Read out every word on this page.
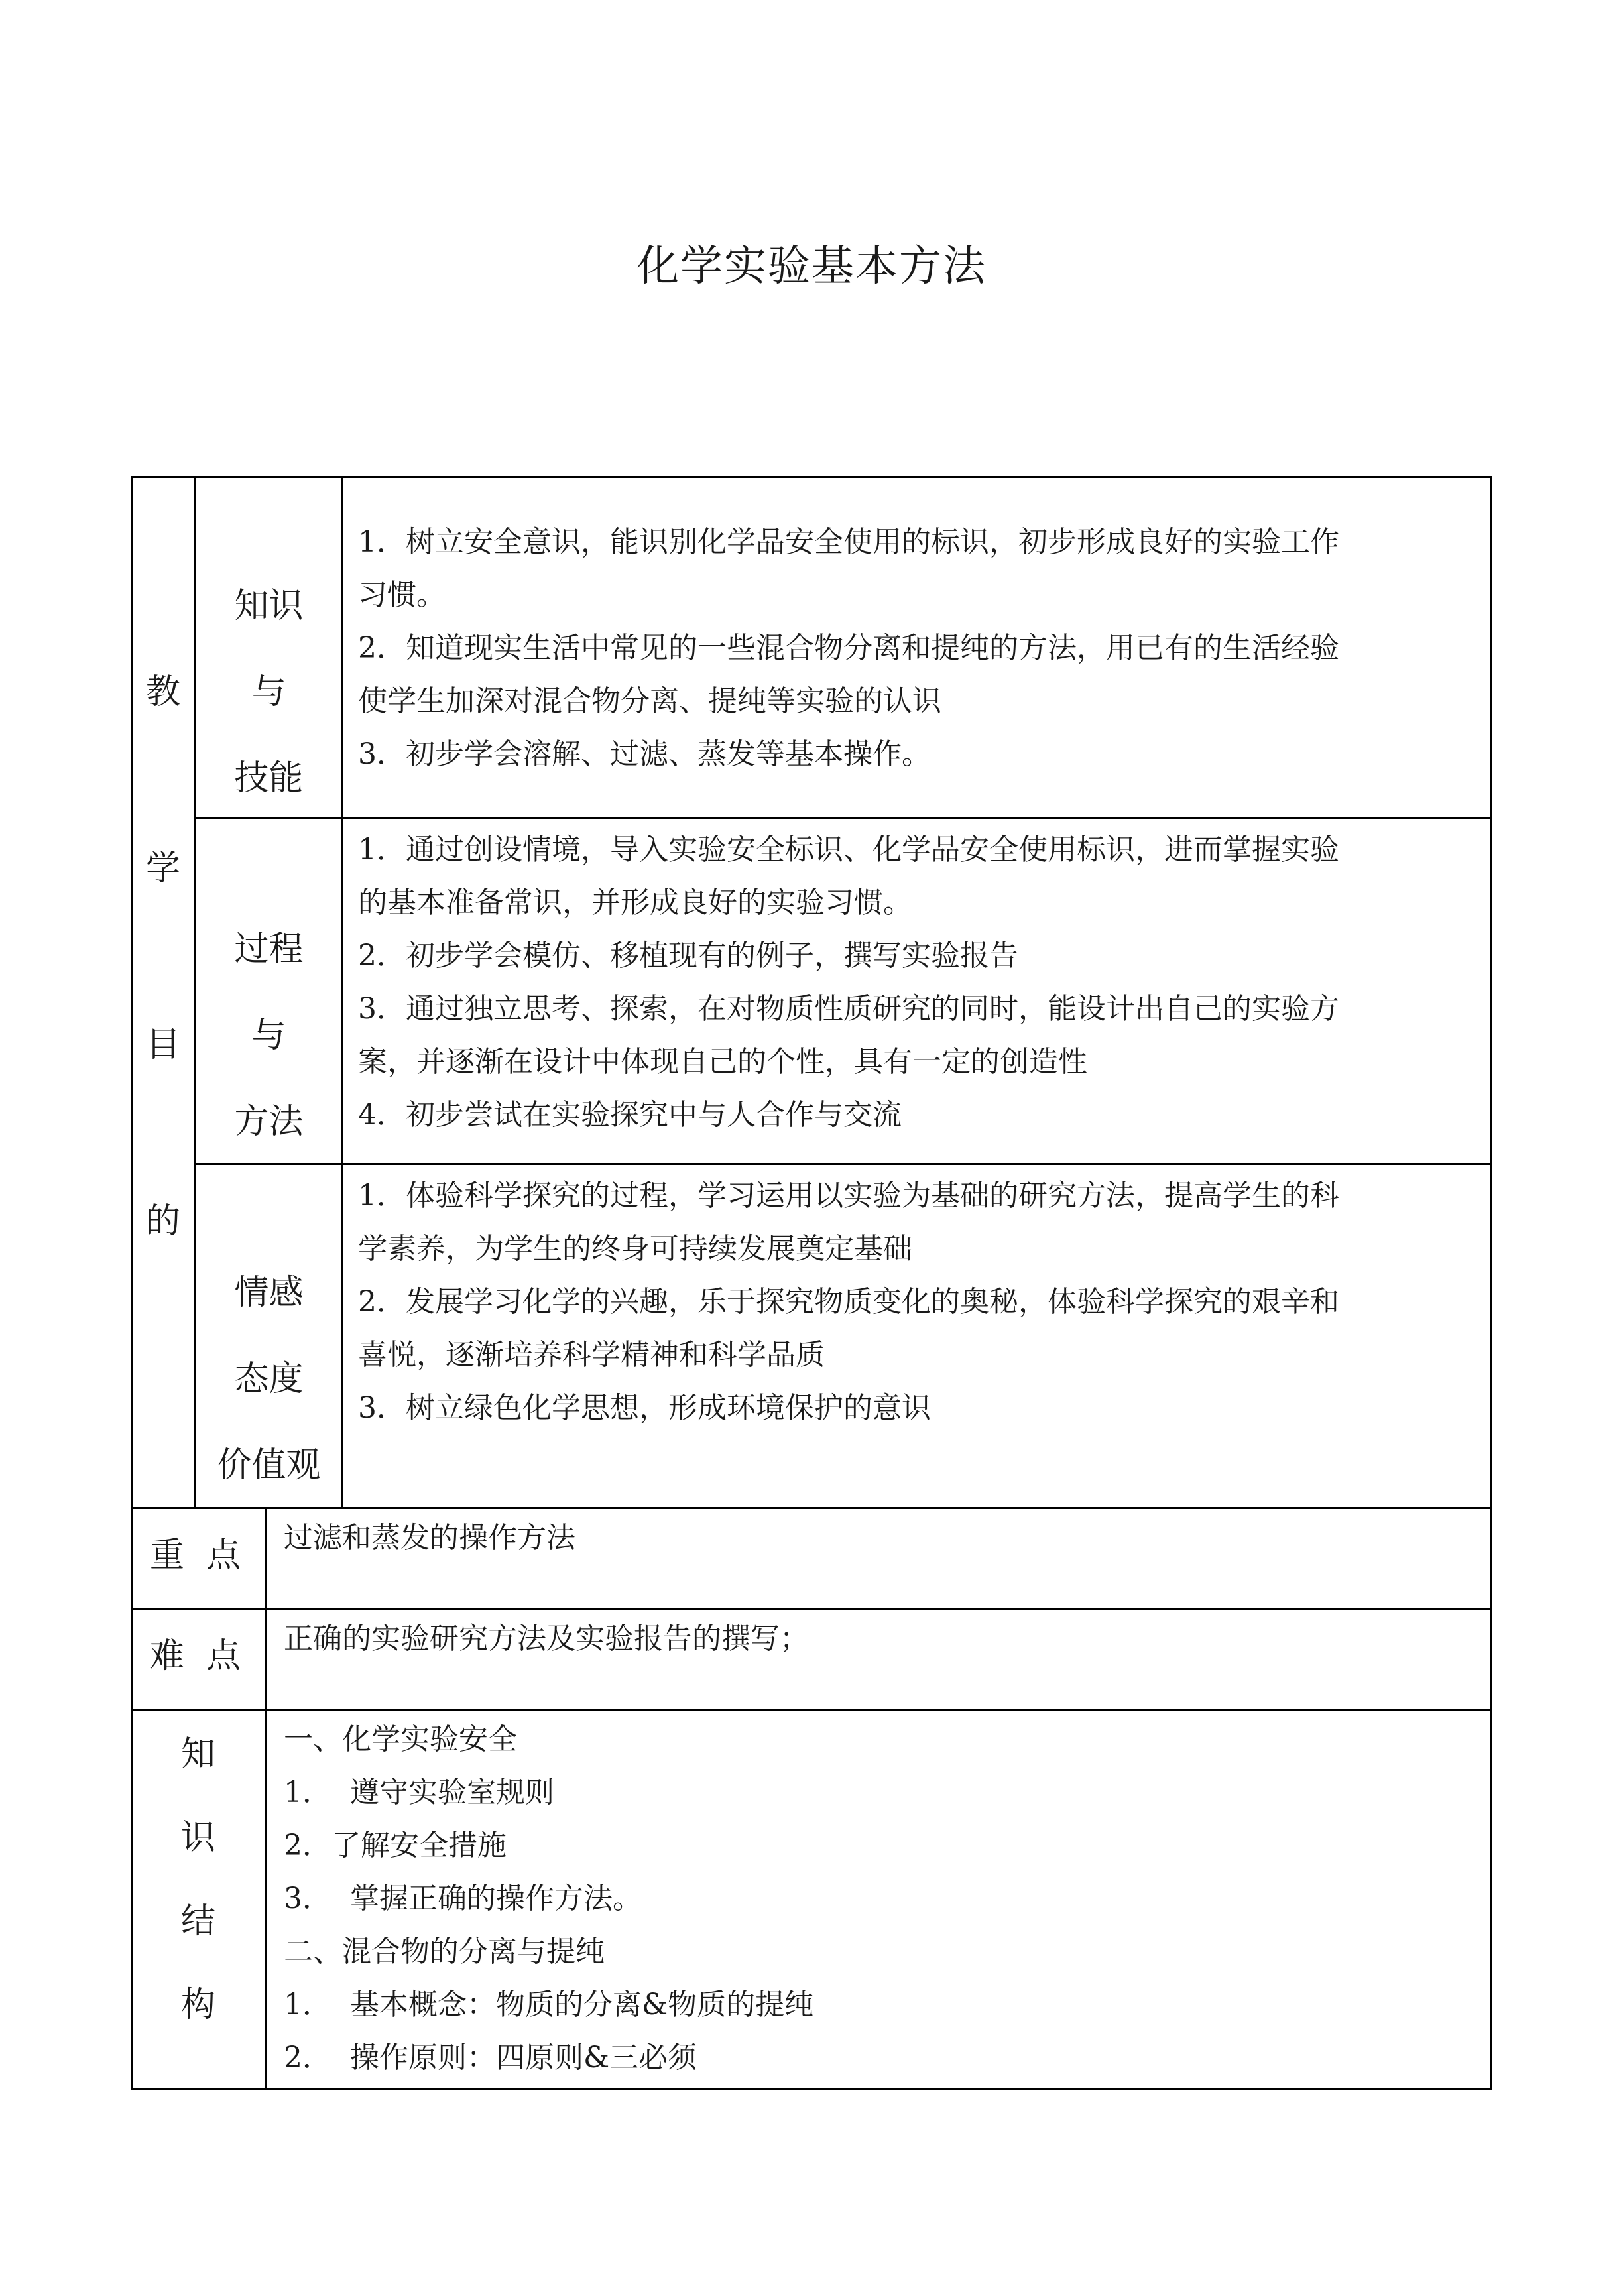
化学实验基本方法
教
学
目
的
知识
与
技能
1．树立安全意识，能识别化学品安全使用的标识，初步形成良好的实验工作
习惯。
2．知道现实生活中常见的一些混合物分离和提纯的方法，用已有的生活经验
使学生加深对混合物分离、提纯等实验的认识
3．初步学会溶解、过滤、蒸发等基本操作。
过程
与
方法
1．通过创设情境，导入实验安全标识、化学品安全使用标识，进而掌握实验
的基本准备常识，并形成良好的实验习惯。
2．初步学会模仿、移植现有的例子，撰写实验报告
3．通过独立思考、探索，在对物质性质研究的同时，能设计出自己的实验方
案，并逐渐在设计中体现自己的个性，具有一定的创造性
4．初步尝试在实验探究中与人合作与交流
情感
态度
价值观
1．体验科学探究的过程，学习运用以实验为基础的研究方法，提高学生的科
学素养，为学生的终身可持续发展奠定基础
2．发展学习化学的兴趣，乐于探究物质变化的奥秘，体验科学探究的艰辛和
喜悦，逐渐培养科学精神和科学品质
3．树立绿色化学思想，形成环境保护的意识
重  点 过滤和蒸发的操作方法
难  点 正确的实验研究方法及实验报告的撰写；
知
识
结
构
一、化学实验安全
1．  遵守实验室规则
2．了解安全措施
3．  掌握正确的操作方法。
二、混合物的分离与提纯
1．  基本概念：物质的分离&物质的提纯
2．  操作原则：四原则&三必须
